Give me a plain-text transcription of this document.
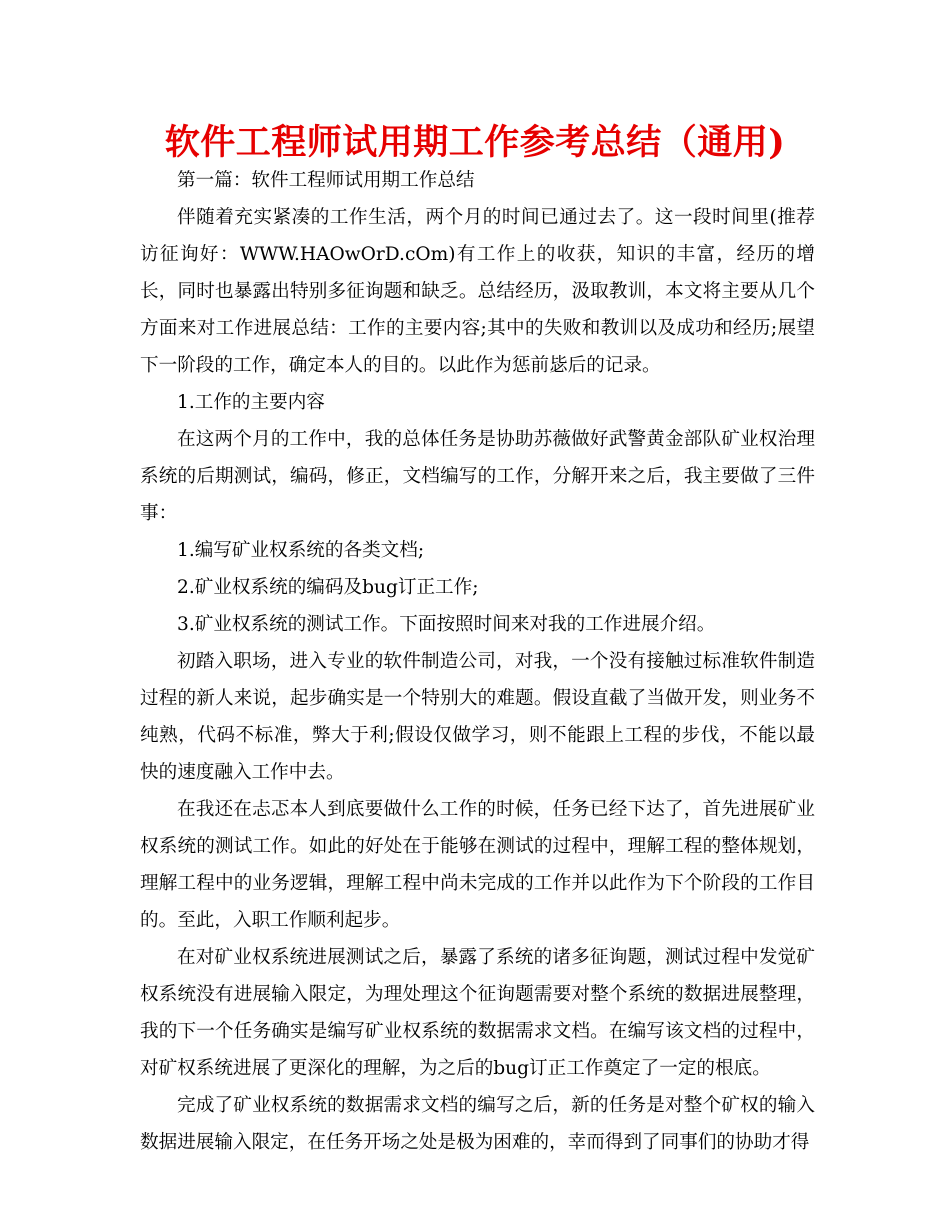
软件工程师试用期工作参考总结（通用)

第一篇：软件工程师试用期工作总结

伴随着充实紧凑的工作生活，两个月的时间已通过去了。这一段时间里(推荐访征询好：WWW.HAOwOrD.cOm)有工作上的收获，知识的丰富，经历的增长，同时也暴露出特别多征询题和缺乏。总结经历，汲取教训，本文将主要从几个方面来对工作进展总结：工作的主要内容;其中的失败和教训以及成功和经历;展望下一阶段的工作，确定本人的目的。以此作为惩前毖后的记录。

1.工作的主要内容

在这两个月的工作中，我的总体任务是协助苏薇做好武警黄金部队矿业权治理系统的后期测试，编码，修正，文档编写的工作，分解开来之后，我主要做了三件事：

1.编写矿业权系统的各类文档;

2.矿业权系统的编码及bug订正工作;

3.矿业权系统的测试工作。下面按照时间来对我的工作进展介绍。

初踏入职场，进入专业的软件制造公司，对我，一个没有接触过标准软件制造过程的新人来说，起步确实是一个特别大的难题。假设直截了当做开发，则业务不纯熟，代码不标准，弊大于利;假设仅做学习，则不能跟上工程的步伐，不能以最快的速度融入工作中去。

在我还在忐忑本人到底要做什么工作的时候，任务已经下达了，首先进展矿业权系统的测试工作。如此的好处在于能够在测试的过程中，理解工程的整体规划，理解工程中的业务逻辑，理解工程中尚未完成的工作并以此作为下个阶段的工作目的。至此，入职工作顺利起步。

在对矿业权系统进展测试之后，暴露了系统的诸多征询题，测试过程中发觉矿权系统没有进展输入限定，为理处理这个征询题需要对整个系统的数据进展整理，我的下一个任务确实是编写矿业权系统的数据需求文档。在编写该文档的过程中，对矿权系统进展了更深化的理解，为之后的bug订正工作奠定了一定的根底。

完成了矿业权系统的数据需求文档的编写之后，新的任务是对整个矿权的输入数据进展输入限定，在任务开场之处是极为困难的，幸而得到了同事们的协助才得
